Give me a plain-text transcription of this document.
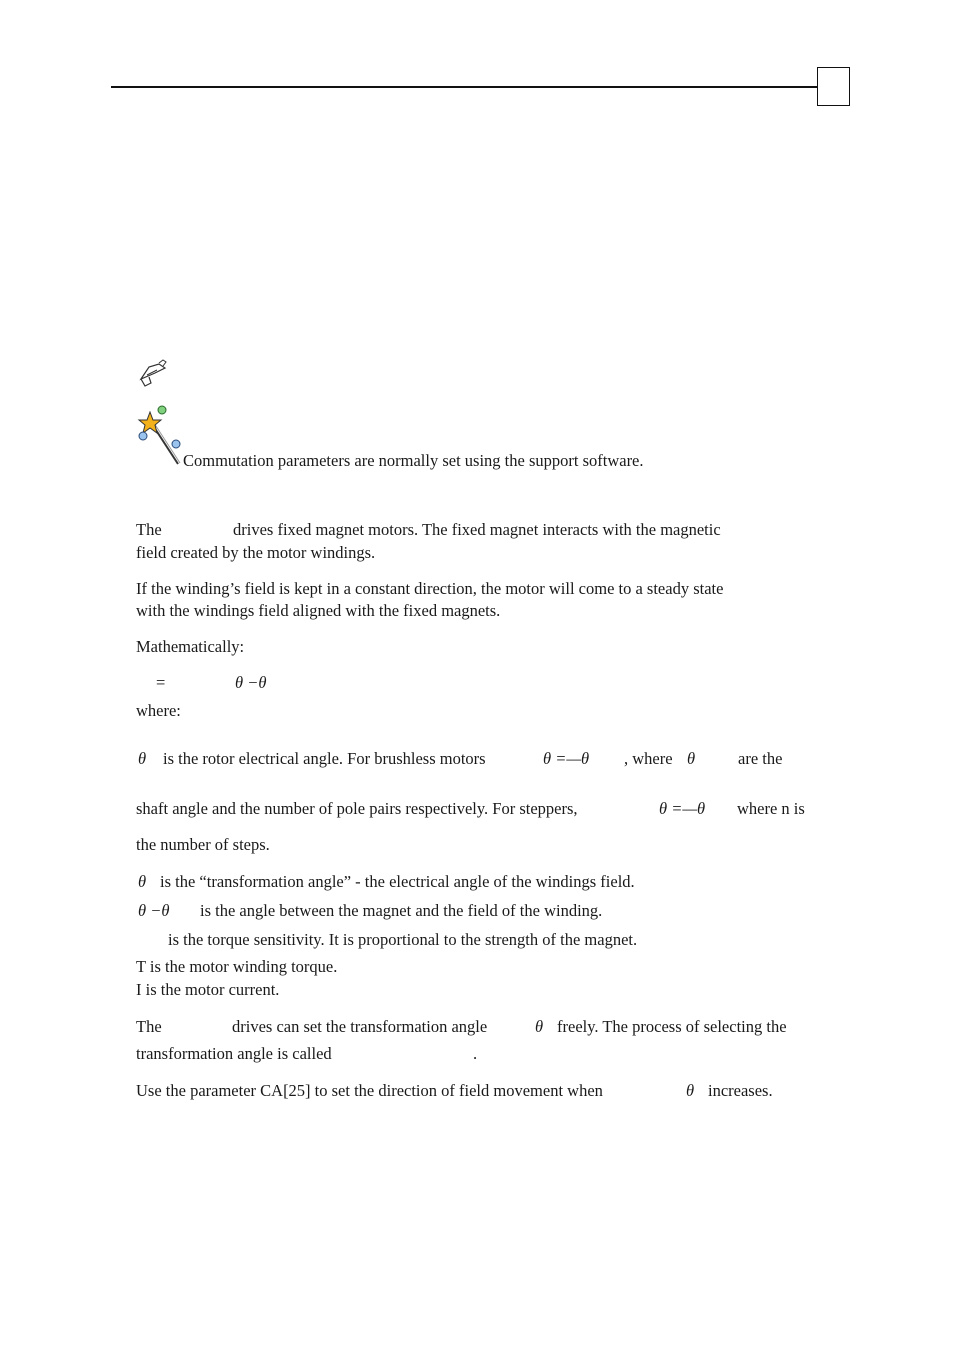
Commutation parameters are normally set using the support software.
The	drives fixed magnet motors. The fixed magnet interacts with the magnetic
field created by the motor windings.
If the winding’s field is kept in a constant direction, the motor will come to a steady state
with the windings field aligned with the fixed magnets.
Mathematically:
=	θ −θ
where:
θ is the rotor electrical angle. For brushless motors	θ =—θ , where θ	are the
shaft angle and the number of pole pairs respectively. For steppers,	θ =—θ where n is
the number of steps.
θ is the “transformation angle” - the electrical angle of the windings field.
θ −θ is the angle between the magnet and the field of the winding.
is the torque sensitivity. It is proportional to the strength of the magnet.
T is the motor winding torque.
I is the motor current.
The	drives can set the transformation angle	θ freely. The process of selecting the
transformation angle is called	.
Use the parameter CA[25] to set the direction of field movement when	θ increases.
